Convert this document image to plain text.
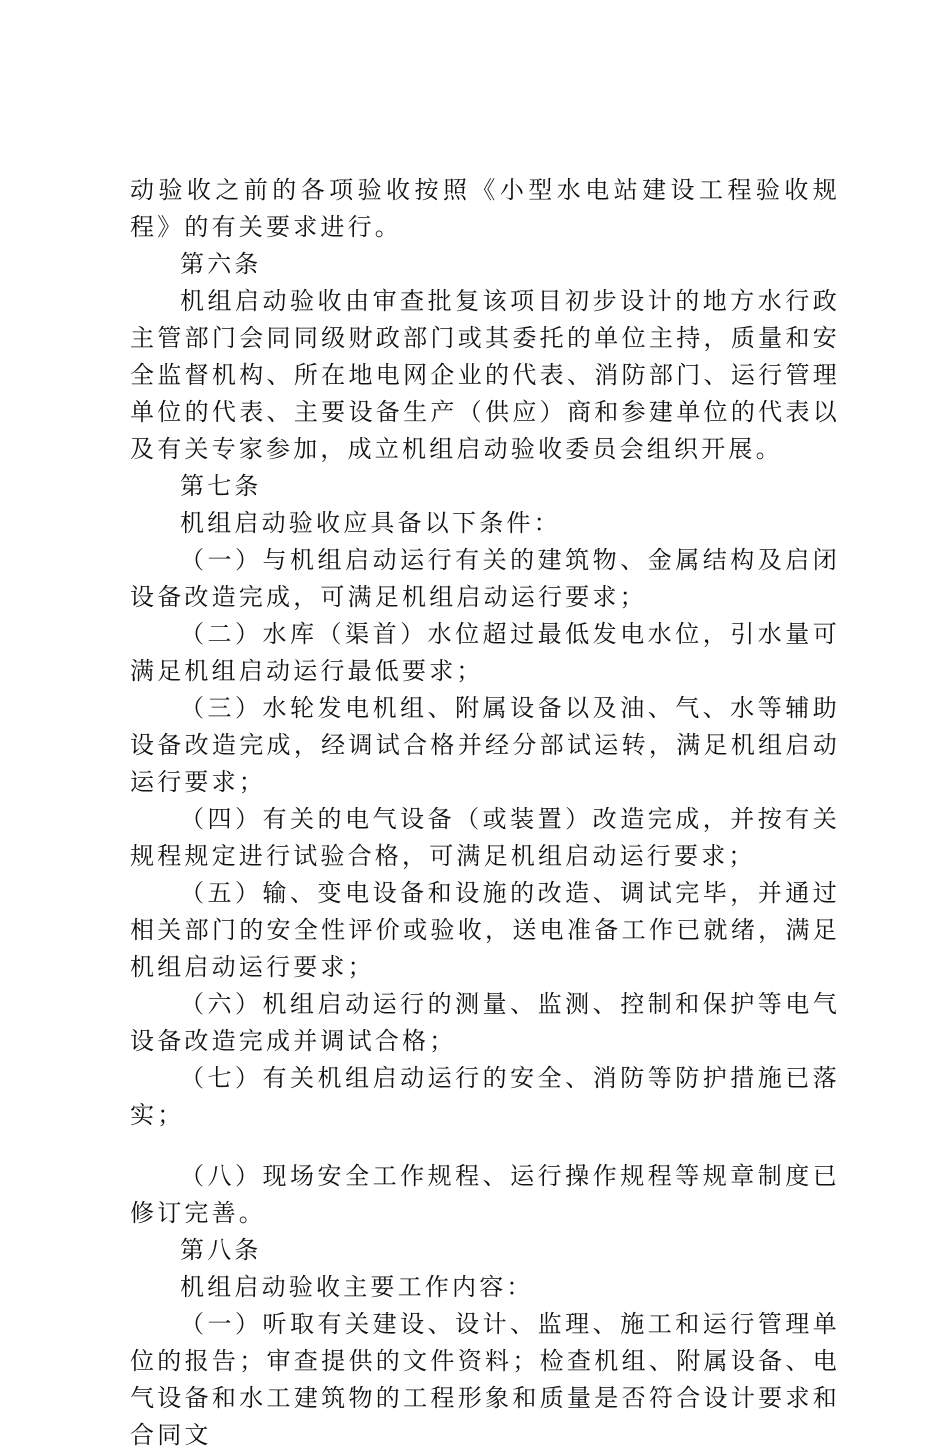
动验收之前的各项验收按照《小型水电站建设工程验收规程》的有关要求进行。

第六条

机组启动验收由审查批复该项目初步设计的地方水行政主管部门会同同级财政部门或其委托的单位主持，质量和安全监督机构、所在地电网企业的代表、消防部门、运行管理单位的代表、主要设备生产（供应）商和参建单位的代表以及有关专家参加，成立机组启动验收委员会组织开展。

第七条

机组启动验收应具备以下条件：

（一）与机组启动运行有关的建筑物、金属结构及启闭设备改造完成，可满足机组启动运行要求；

（二）水库（渠首）水位超过最低发电水位，引水量可满足机组启动运行最低要求；

（三）水轮发电机组、附属设备以及油、气、水等辅助设备改造完成，经调试合格并经分部试运转，满足机组启动运行要求；

（四）有关的电气设备（或装置）改造完成，并按有关规程规定进行试验合格，可满足机组启动运行要求；

（五）输、变电设备和设施的改造、调试完毕，并通过相关部门的安全性评价或验收，送电准备工作已就绪，满足机组启动运行要求；

（六）机组启动运行的测量、监测、控制和保护等电气设备改造完成并调试合格；

（七）有关机组启动运行的安全、消防等防护措施已落实；

（八）现场安全工作规程、运行操作规程等规章制度已修订完善。

第八条

机组启动验收主要工作内容：

（一）听取有关建设、设计、监理、施工和运行管理单位的报告；审查提供的文件资料；检查机组、附属设备、电气设备和水工建筑物的工程形象和质量是否符合设计要求和合同文
